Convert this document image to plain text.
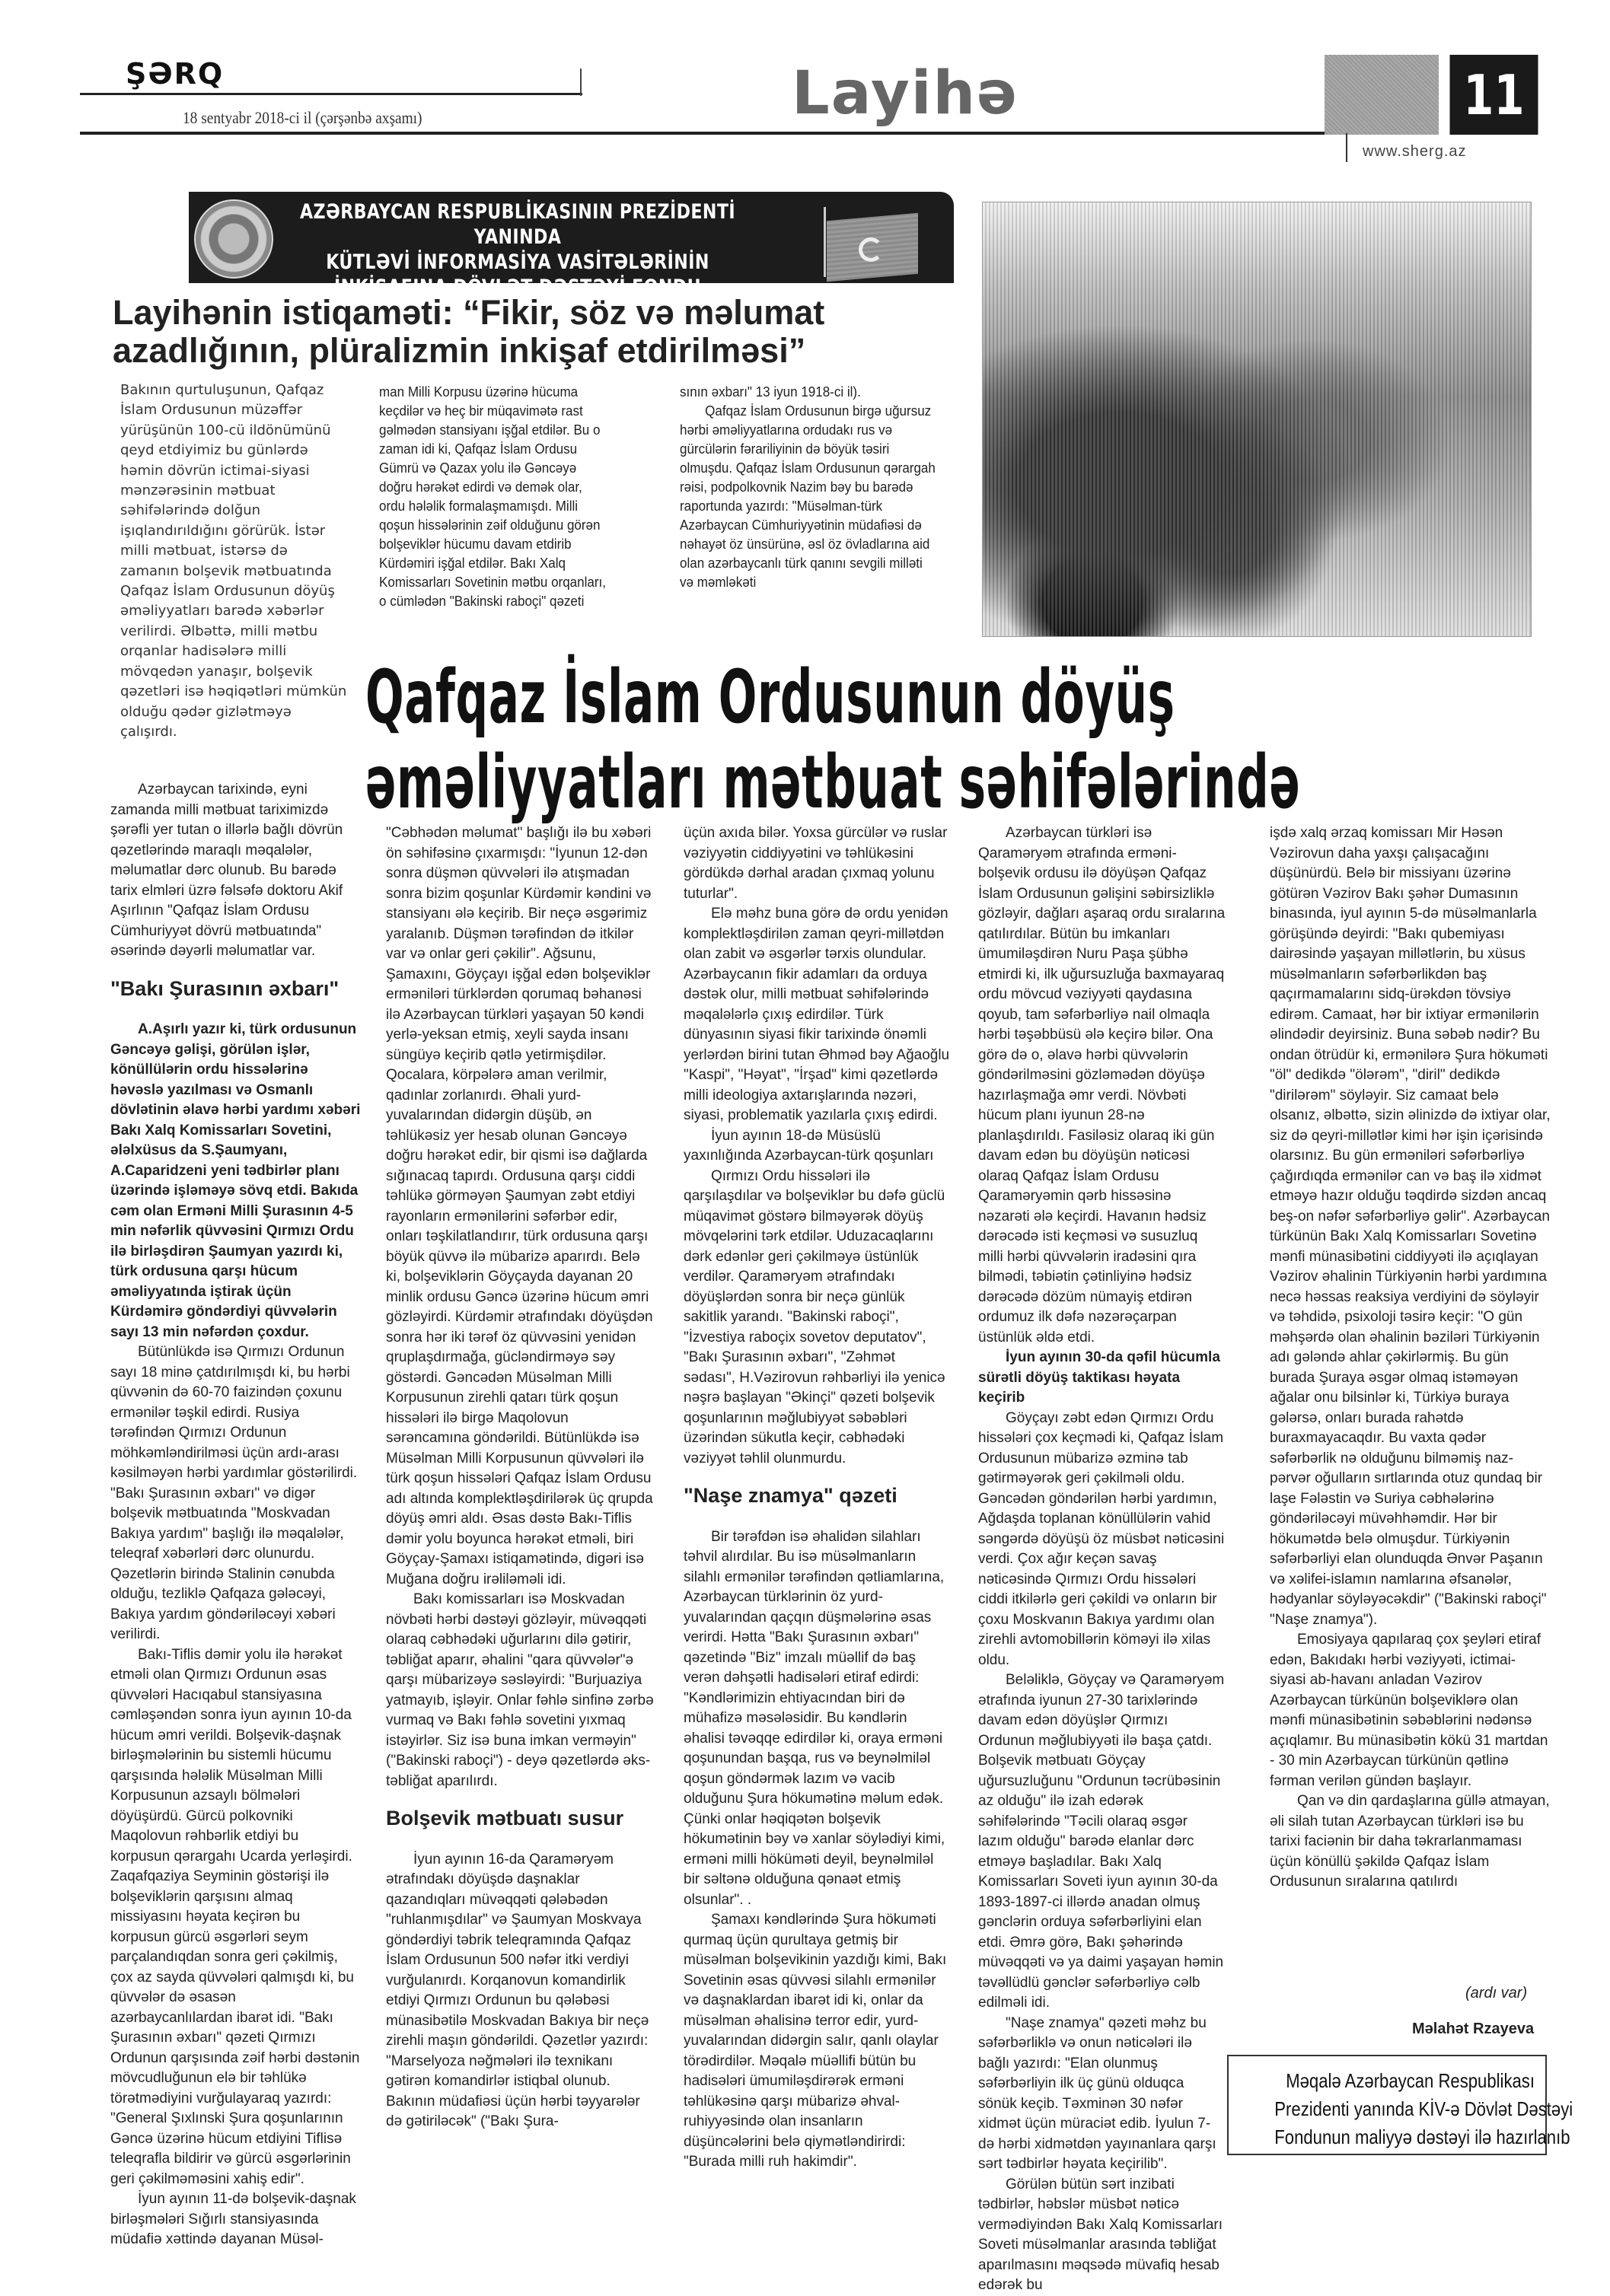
ŞƏRQ
18 sentyabr 2018-ci il (çərşənbə axşamı)	Layihə	11
www.sherg.az
AZƏRBAYCAN RESPUBLİKASININ PREZİDENTİ YANINDA
KÜTLƏVİ İNFORMASİYA VASİTƏLƏRİNİN
İNKİŞAFINA DÖVLƏT DƏSTƏYİ FONDU
Layihənin istiqaməti: “Fikir, söz və məlumat
azadlığının, plüralizmin inkişaf etdirilməsi”

Bakının qurtuluşunun, Qafqaz İslam Ordusunun müzəffər yürüşünün 100-cü ildönümünü qeyd etdiyimiz bu günlərdə həmin dövrün ictimai-siyasi mənzərəsinin mətbuat səhifələrində dolğun işıqlandırıldığını görürük. İstər milli mətbuat, istərsə də zamanın bolşevik mətbuatında Qafqaz İslam Ordusunun döyüş əməliyyatları barədə xəbərlər verilirdi. Əlbəttə, milli mətbu orqanlar hadisələrə milli mövqedən yanaşır, bolşevik qəzetləri isə həqiqətləri mümkün olduğu qədər gizlətməyə çalışırdı.

man Milli Korpusu üzərinə hücuma keçdilər və heç bir müqavimətə rast gəlmədən stansiyanı işğal etdilər. Bu o zaman idi ki, Qafqaz İslam Ordusu Gümrü və Qazax yolu ilə Gəncəyə doğru hərəkət edirdi və demək olar, ordu hələlik formalaşmamışdı. Milli qoşun hissələrinin zəif olduğunu görən bolşeviklər hücumu davam etdirib Kürdəmiri işğal etdilər. Bakı Xalq Komissarları Sovetinin mətbu orqanları, o cümlədən "Bakinski raboçi" qəzeti

sının əxbarı" 13 iyun 1918-ci il).

Qafqaz İslam Ordusunun birgə uğursuz hərbi əməliyyatlarına ordudakı rus və gürcülərin fərariliyinin də böyük təsiri olmuşdu. Qafqaz İslam Ordusunun qərargah rəisi, podpolkovnik Nazim bəy bu barədə raportunda yazırdı: "Müsəlman-türk Azərbaycan Cümhuriyyətinin müdafiəsi də nəhayət öz ünsürünə, əsl öz övladlarına aid olan azərbaycanlı türk qanını sevgili milləti və məmləkəti

Qafqaz İslam Ordusunun döyüş
əməliyyatları mətbuat səhifələrində

Azərbaycan tarixində, eyni zamanda milli mətbuat tariximizdə şərəfli yer tutan o illərlə bağlı dövrün qəzetlərində maraqlı məqalələr, məlumatlar dərc olunub. Bu barədə tarix elmləri üzrə fəlsəfə doktoru Akif Aşırlının "Qafqaz İslam Ordusu Cümhuriyyət dövrü mətbuatında" əsərində dəyərli məlumatlar var.

"Bakı Şurasının əxbarı"

A.Aşırlı yazır ki, türk ordusunun Gəncəyə gəlişi, görülən işlər, könüllülərin ordu hissələrinə həvəslə yazılması və Osmanlı dövlətinin əlavə hərbi yardımı xəbəri Bakı Xalq Komissarları Sovetini, ələlxüsus da S.Şaumyanı, A.Caparidzeni yeni tədbirlər planı üzərində işləməyə sövq etdi. Bakıda cəm olan Erməni Milli Şurasının 4-5 min nəfərlik qüvvəsini Qırmızı Ordu ilə birləşdirən Şaumyan yazırdı ki, türk ordusuna qarşı hücum əməliyyatında iştirak üçün Kürdəmirə göndərdiyi qüvvələrin sayı 13 min nəfərdən çoxdur.

Bütünlükdə isə Qırmızı Ordunun sayı 18 minə çatdırılmışdı ki, bu hərbi qüvvənin də 60-70 faizindən çoxunu ermənilər təşkil edirdi. Rusiya tərəfindən Qırmızı Ordunun möhkəmləndirilməsi üçün ardı-arası kəsilməyən hərbi yardımlar göstərilirdi. "Bakı Şurasının əxbarı" və digər bolşevik mətbuatında "Moskvadan Bakıya yardım" başlığı ilə məqalələr, teleqraf xəbərləri dərc olunurdu. Qəzetlərin birində Stalinin cənubda olduğu, tezliklə Qafqaza gələcəyi, Bakıya yardım göndəriləcəyi xəbəri verilirdi.

Bakı-Tiflis dəmir yolu ilə hərəkət etməli olan Qırmızı Ordunun əsas qüvvələri Hacıqabul stansiyasına cəmləşəndən sonra iyun ayının 10-da hücum əmri verildi. Bolşevik-daşnak birləşmələrinin bu sistemli hücumu qarşısında hələlik Müsəlman Milli Korpusunun azsaylı bölmələri döyüşürdü. Gürcü polkovniki Maqolovun rəhbərlik etdiyi bu korpusun qərargahı Ucarda yerləşirdi. Zaqafqaziya Seyminin göstərişi ilə bolşeviklərin qarşısını almaq missiyasını həyata keçirən bu korpusun gürcü əsgərləri seym parçalandıqdan sonra geri çəkilmiş, çox az sayda qüvvələri qalmışdı ki, bu qüvvələr də əsasən azərbaycanlılardan ibarət idi. "Bakı Şurasının əxbarı" qəzeti Qırmızı Ordunun qarşısında zəif hərbi dəstənin mövcudluğunun elə bir təhlükə törətmədiyini vurğulayaraq yazırdı: "General Şıxlınski Şura qoşunlarının Gəncə üzərinə hücum etdiyini Tiflisə teleqrafla bildirir və gürcü əsgərlərinin geri çəkilməməsini xahiş edir".

İyun ayının 11-də bolşevik-daşnak birləşmələri Sığırlı stansiyasında müdafiə xəttində dayanan Müsəl-

"Cəbhədən məlumat" başlığı ilə bu xəbəri ön səhifəsinə çıxarmışdı: "İyunun 12-dən sonra düşmən qüvvələri ilə atışmadan sonra bizim qoşunlar Kürdəmir kəndini və stansiyanı ələ keçirib. Bir neçə əsgərimiz yaralanıb. Düşmən tərəfindən də itkilər var və onlar geri çəkilir". Ağsunu, Şamaxını, Göyçayı işğal edən bolşeviklər erməniləri türklərdən qorumaq bəhanəsi ilə Azərbaycan türkləri yaşayan 50 kəndi yerlə-yeksan etmiş, xeyli sayda insanı süngüyə keçirib qətlə yetirmişdilər. Qocalara, körpələrə aman verilmir, qadınlar zorlanırdı. Əhali yurd-yuvalarından didərgin düşüb, ən təhlükəsiz yer hesab olunan Gəncəyə doğru hərəkət edir, bir qismi isə dağlarda sığınacaq tapırdı. Ordusuna qarşı ciddi təhlükə görməyən Şaumyan zəbt etdiyi rayonların ermənilərini səfərbər edir, onları təşkilatlandırır, türk ordusuna qarşı böyük qüvvə ilə mübarizə aparırdı. Belə ki, bolşeviklərin Göyçayda dayanan 20 minlik ordusu Gəncə üzərinə hücum əmri gözləyirdi. Kürdəmir ətrafındakı döyüşdən sonra hər iki tərəf öz qüvvəsini yenidən qruplaşdırmağa, gücləndirməyə səy göstərdi. Gəncədən Müsəlman Milli Korpusunun zirehli qatarı türk qoşun hissələri ilə birgə Maqolovun sərəncamına göndərildi. Bütünlükdə isə Müsəlman Milli Korpusunun qüvvələri ilə türk qoşun hissələri Qafqaz İslam Ordusu adı altında komplektləşdirilərək üç qrupda döyüş əmri aldı. Əsas dəstə Bakı-Tiflis dəmir yolu boyunca hərəkət etməli, biri Göyçay-Şamaxı istiqamətində, digəri isə Muğana doğru irəliləməli idi.

Bakı komissarları isə Moskvadan növbəti hərbi dəstəyi gözləyir, müvəqqəti olaraq cəbhədəki uğurlarını dilə gətirir, təbliğat aparır, əhalini "qara qüvvələr"ə qarşı mübarizəyə səsləyirdi: "Burjuaziya yatmayıb, işləyir. Onlar fəhlə sinfinə zərbə vurmaq və Bakı fəhlə sovetini yıxmaq istəyirlər. Siz isə buna imkan verməyin" ("Bakinski raboçi") - deyə qəzetlərdə əks-təbliğat aparılırdı.

Bolşevik mətbuatı susur

İyun ayının 16-da Qaraməryəm ətrafındakı döyüşdə daşnaklar qazandıqları müvəqqəti qələbədən "ruhlanmışdılar" və Şaumyan Moskvaya göndərdiyi təbrik teleqramında Qafqaz İslam Ordusunun 500 nəfər itki verdiyi vurğulanırdı. Korqanovun komandirlik etdiyi Qırmızı Ordunun bu qələbəsi münasibətilə Moskvadan Bakıya bir neçə zirehli maşın göndərildi. Qəzetlər yazırdı: "Marselyoza nəğmələri ilə texnikanı gətirən komandirlər istiqbal olunub. Bakının müdafiəsi üçün hərbi təyyarələr də gətiriləcək" ("Bakı Şura-

üçün axıda bilər. Yoxsa gürcülər və ruslar vəziyyətin ciddiyyətini və təhlükəsini gördükdə dərhal aradan çıxmaq yolunu tuturlar".

Elə məhz buna görə də ordu yenidən komplektləşdirilən zaman qeyri-millətdən olan zabit və əsgərlər tərxis olundular. Azərbaycanın fikir adamları da orduya dəstək olur, milli mətbuat səhifələrində məqalələrlə çıxış edirdilər. Türk dünyasının siyasi fikir tarixində önəmli yerlərdən birini tutan Əhməd bəy Ağaoğlu "Kaspi", "Həyat", "İrşad" kimi qəzetlərdə milli ideologiya axtarışlarında nəzəri, siyasi, problematik yazılarla çıxış edirdi.

İyun ayının 18-də Müsüslü yaxınlığında Azərbaycan-türk qoşunları

Qırmızı Ordu hissələri ilə qarşılaşdılar və bolşeviklər bu dəfə güclü müqavimət göstərə bilməyərək döyüş mövqelərini tərk etdilər. Uduzacaqlarını dərk edənlər geri çəkilməyə üstünlük verdilər. Qaraməryəm ətrafındakı döyüşlərdən sonra bir neçə günlük sakitlik yarandı. "Bakinski raboçi", "İzvestiya raboçix sovetov deputatov", "Bakı Şurasının əxbarı", "Zəhmət sədası", H.Vəzirovun rəhbərliyi ilə yenicə nəşrə başlayan "Əkinçi" qəzeti bolşevik qoşunlarının məğlubiyyət səbəbləri üzərindən sükutla keçir, cəbhədəki vəziyyət təhlil olunmurdu.

"Naşe znamya" qəzeti

Bir tərəfdən isə əhalidən silahları təhvil alırdılar. Bu isə müsəlmanların silahlı ermənilər tərəfindən qətliamlarına, Azərbaycan türklərinin öz yurd-yuvalarından qaçqın düşmələrinə əsas verirdi. Hətta "Bakı Şurasının əxbarı" qəzetində "Biz" imzalı müəllif də baş verən dəhşətli hadisələri etiraf edirdi: "Kəndlərimizin ehtiyacından biri də mühafizə məsələsidir. Bu kəndlərin əhalisi təvəqqe edirdilər ki, oraya erməni qoşunundan başqa, rus və beynəlmiləl qoşun göndərmək lazım və vacib olduğunu Şura hökumətinə məlum edək. Çünki onlar həqiqətən bolşevik hökumətinin bəy və xanlar söylədiyi kimi, erməni milli höküməti deyil, beynəlmiləl bir səltənə olduğuna qənaət etmiş olsunlar". .

Şamaxı kəndlərində Şura hökuməti qurmaq üçün qurultaya getmiş bir müsəlman bolşevikinin yazdığı kimi, Bakı Sovetinin əsas qüvvəsi silahlı ermənilər və daşnaklardan ibarət idi ki, onlar da müsəlman əhalisinə terror edir, yurd-yuvalarından didərgin salır, qanlı olaylar törədirdilər. Məqalə müəllifi bütün bu hadisələri ümumiləşdirərək erməni təhlükəsinə qarşı mübarizə əhval-ruhiyyəsində olan insanların düşüncələrini belə qiymətləndirirdi: "Burada milli ruh hakimdir".

Azərbaycan türkləri isə Qaraməryəm ətrafında erməni-bolşevik ordusu ilə döyüşən Qafqaz İslam Ordusunun gəlişini səbirsizliklə gözləyir, dağları aşaraq ordu sıralarına qatılırdılar. Bütün bu imkanları ümumiləşdirən Nuru Paşa şübhə etmirdi ki, ilk uğursuzluğa baxmayaraq ordu mövcud vəziyyəti qaydasına qoyub, tam səfərbərliyə nail olmaqla hərbi təşəbbüsü ələ keçirə bilər. Ona görə də o, əlavə hərbi qüvvələrin göndərilməsini gözləmədən döyüşə hazırlaşmağa əmr verdi. Növbəti hücum planı iyunun 28-nə planlaşdırıldı. Fasiləsiz olaraq iki gün davam edən bu döyüşün nəticəsi olaraq Qafqaz İslam Ordusu Qaraməryəmin qərb hissəsinə nəzarəti ələ keçirdi. Havanın hədsiz dərəcədə isti keçməsi və susuzluq milli hərbi qüvvələrin iradəsini qıra bilmədi, təbiətin çətinliyinə hədsiz dərəcədə dözüm nümayiş etdirən ordumuz ilk dəfə nəzərəçarpan üstünlük əldə etdi.

İyun ayının 30-da qəfil hücumla sürətli döyüş taktikası həyata keçirib

Göyçayı zəbt edən Qırmızı Ordu hissələri çox keçmədi ki, Qafqaz İslam Ordusunun mübarizə əzminə tab gətirməyərək geri çəkilməli oldu. Gəncədən göndərilən hərbi yardımın, Ağdaşda toplanan könüllülərin vahid səngərdə döyüşü öz müsbət nəticəsini verdi. Çox ağır keçən savaş nəticəsində Qırmızı Ordu hissələri ciddi itkilərlə geri çəkildi və onların bir çoxu Moskvanın Bakıya yardımı olan zirehli avtomobillərin köməyi ilə xilas oldu.

Beləliklə, Göyçay və Qaraməryəm ətrafında iyunun 27-30 tarixlərində davam edən döyüşlər Qırmızı Ordunun məğlubiyyəti ilə başa çatdı. Bolşevik mətbuatı Göyçay uğursuzluğunu "Ordunun təcrübəsinin az olduğu" ilə izah edərək səhifələrində "Təcili olaraq əsgər lazım olduğu" barədə elanlar dərc etməyə başladılar. Bakı Xalq Komissarları Soveti iyun ayının 30-da 1893-1897-ci illərdə anadan olmuş gənclərin orduya səfərbərliyini elan etdi. Əmrə görə, Bakı şəhərində müvəqqəti və ya daimi yaşayan həmin təvəllüdlü gənclər səfərbərliyə cəlb edilməli idi.

"Naşe znamya" qəzeti məhz bu səfərbərliklə və onun nəticələri ilə bağlı yazırdı: "Elan olunmuş səfərbərliyin ilk üç günü olduqca sönük keçib. Təxminən 30 nəfər xidmət üçün müraciət edib. İyulun 7-də hərbi xidmətdən yayınanlara qarşı sərt tədbirlər həyata keçirilib".

Görülən bütün sərt inzibati tədbirlər, həbslər müsbət nəticə vermədiyindən Bakı Xalq Komissarları Soveti müsəlmanlar arasında təbliğat aparılmasını məqsədə müvafiq hesab edərək bu

işdə xalq ərzaq komissarı Mir Həsən Vəzirovun daha yaxşı çalışacağını düşünürdü. Belə bir missiyanı üzərinə götürən Vəzirov Bakı şəhər Dumasının binasında, iyul ayının 5-də müsəlmanlarla görüşündə deyirdi: "Bakı qubemiyası dairəsində yaşayan millətlərin, bu xüsus müsəlmanların səfərbərlikdən baş qaçırmamalarını sidq-ürəkdən tövsiyə edirəm. Camaat, hər bir ixtiyar ermənilərin əlindədir deyirsiniz. Buna səbəb nədir? Bu ondan ötrüdür ki, ermənilərə Şura hökuməti "öl" dedikdə "ölərəm", "diril" dedikdə "dirilərəm" söyləyir. Siz camaat belə olsanız, əlbəttə, sizin əlinizdə də ixtiyar olar, siz də qeyri-millətlər kimi hər işin içərisində olarsınız. Bu gün erməniləri səfərbərliyə çağırdıqda ermənilər can və baş ilə xidmət etməyə hazır olduğu təqdirdə sizdən ancaq beş-on nəfər səfərbərliyə gəlir". Azərbaycan türkünün Bakı Xalq Komissarları Sovetinə mənfi münasibətini ciddiyyəti ilə açıqlayan Vəzirov əhalinin Türkiyənin hərbi yardımına necə həssas reaksiya verdiyini də söyləyir və təhdidə, psixoloji təsirə keçir: "O gün məhşərdə olan əhalinin bəziləri Türkiyənin adı gələndə ahlar çəkirlərmiş. Bu gün burada Şuraya əsgər olmaq istəməyən ağalar onu bilsinlər ki, Türkiyə buraya gələrsə, onları burada rahətdə buraxmayacaqdır. Bu vaxta qədər səfərbərlik nə olduğunu bilməmiş naz-pərvər oğulların sırtlarında otuz qundaq bir laşe Fələstin və Suriya cəbhələrinə göndəriləcəyi müvəhhəmdir. Hər bir hökumətdə belə olmuşdur. Türkiyənin səfərbərliyi elan olunduqda Ənvər Paşanın və xəlifei-islamın namlarına əfsanələr, hədyanlar söyləyəcəkdir" ("Bakinski raboçi" "Naşe znamya").

Emosiyaya qapılaraq çox şeyləri etiraf edən, Bakıdakı hərbi vəziyyəti, ictimai-siyasi ab-havanı anladan Vəzirov Azərbaycan türkünün bolşeviklərə olan mənfi münasibətinin səbəblərini nədənsə açıqlamır. Bu münasibətin kökü 31 martdan - 30 min Azərbaycan türkünün qətlinə fərman verilən gündən başlayır.

Qan və din qardaşlarına güllə atmayan, əli silah tutan Azərbaycan türkləri isə bu tarixi faciənin bir daha təkrarlanmaması üçün könüllü şəkildə Qafqaz İslam Ordusunun sıralarına qatılırdı

(ardı var)
Məlahət Rzayeva
Məqalə Azərbaycan Respublikası
Prezidenti yanında KİV-ə Dövlət Dəstəyi
Fondunun maliyyə dəstəyi ilə hazırlanıb
